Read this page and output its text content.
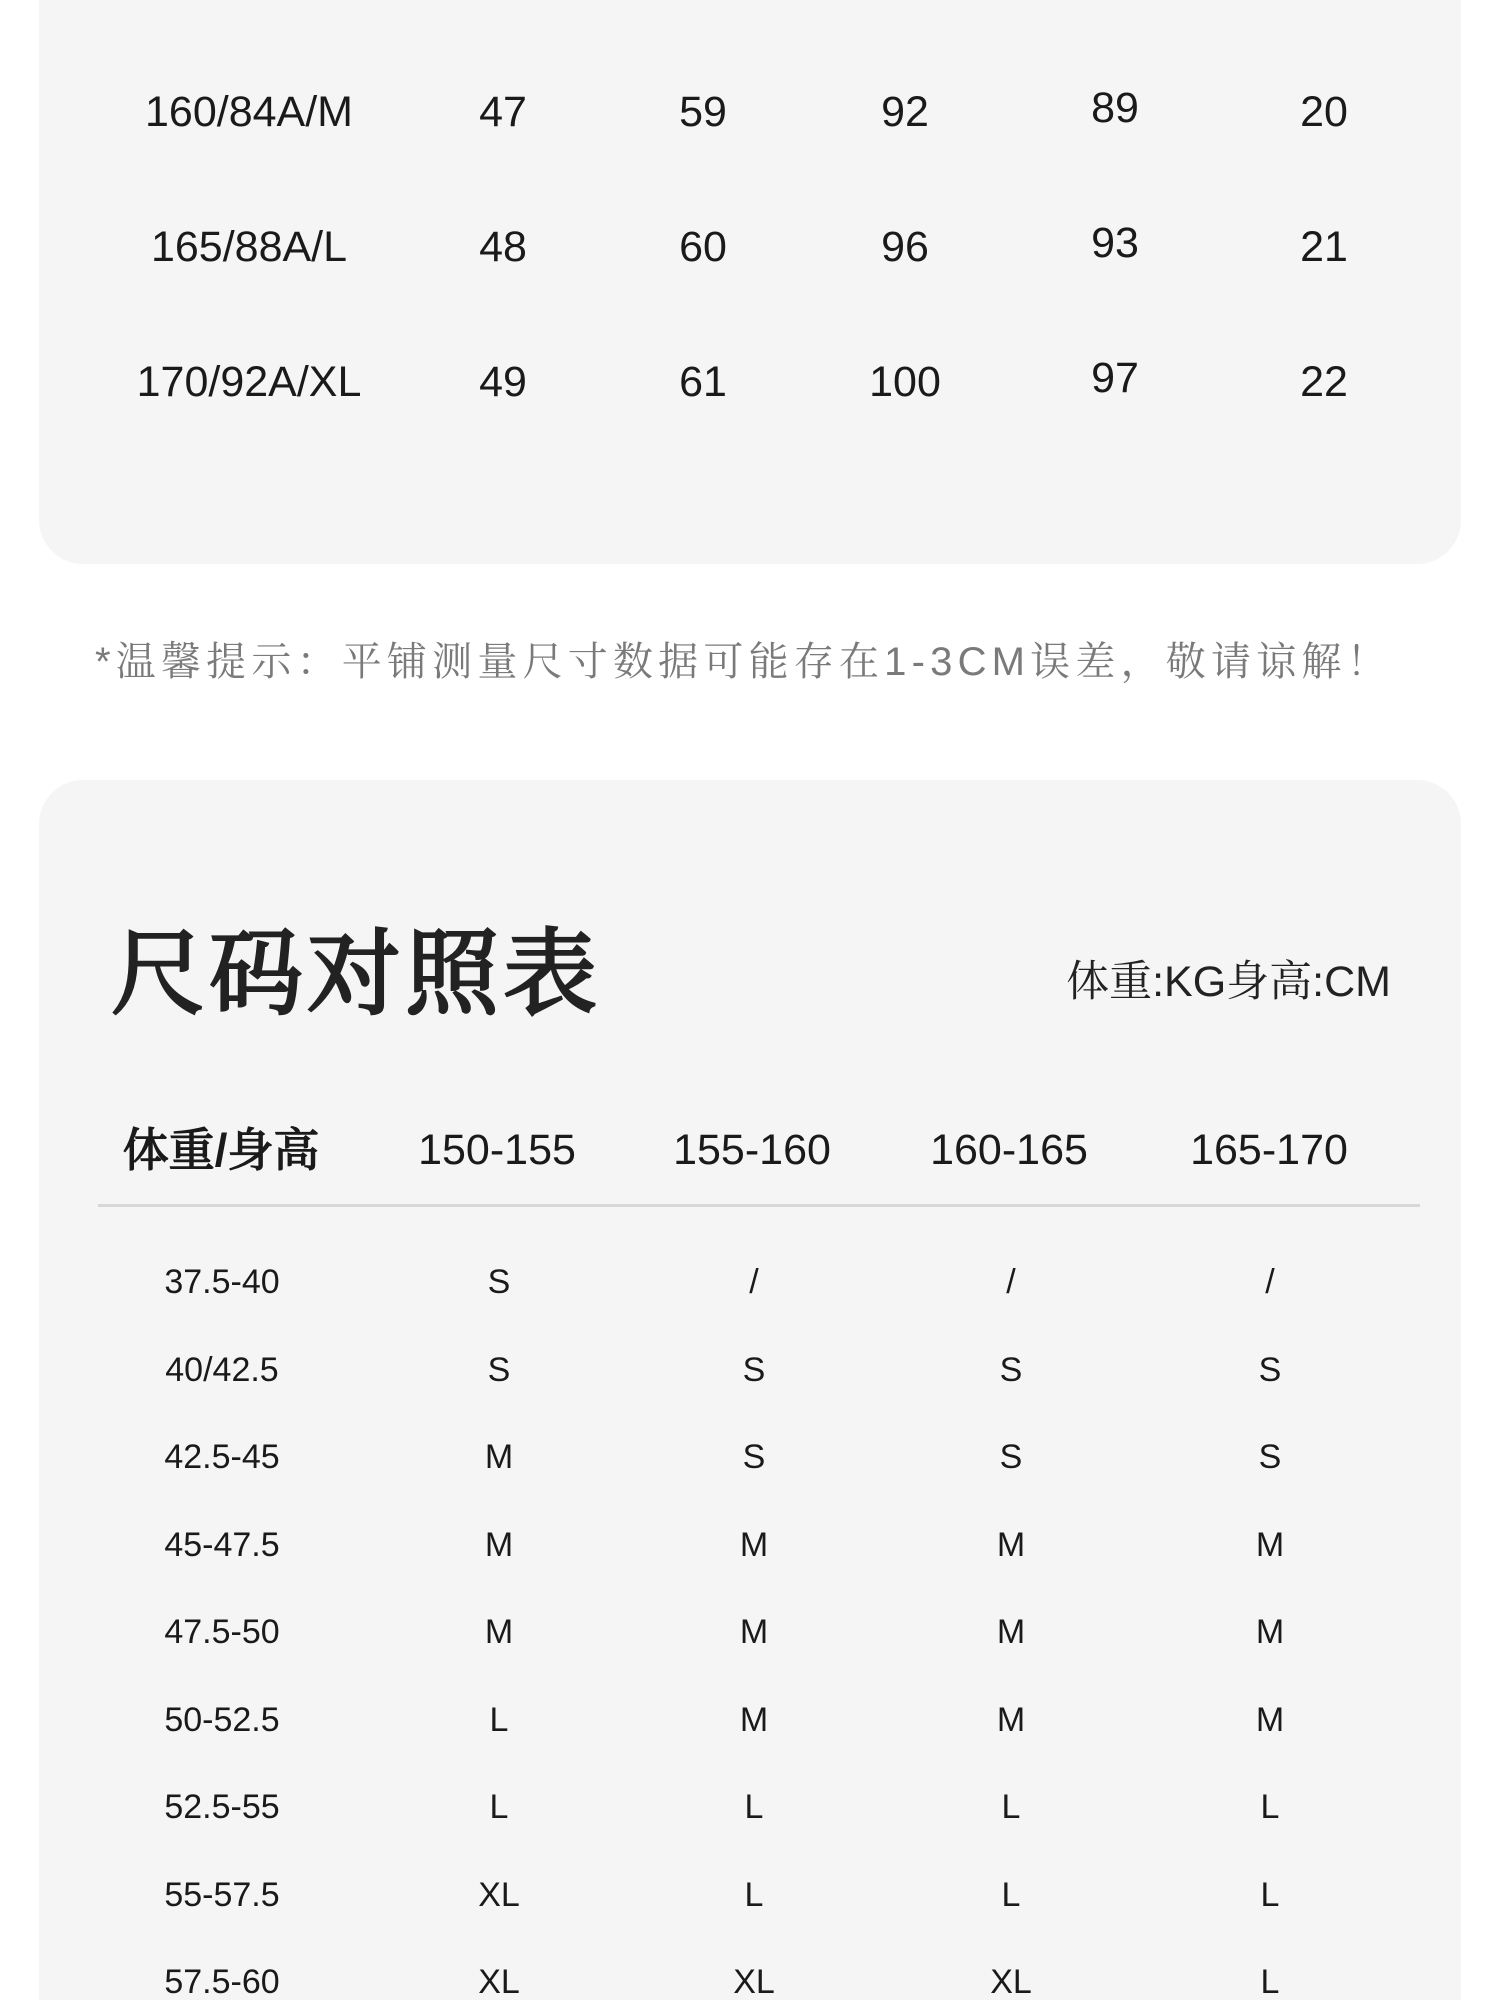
160/84A/M	47	59	92	89	20
165/88A/L	48	60	96	93	21
170/92A/XL	49	61	100	97	22
*温馨提示：平铺测量尺寸数据可能存在1-3CM误差，敬请谅解！
尺码对照表	体重:KG身高:CM
体重/身高 150-155 155-160 160-165 165-170
37.5-40	S	/	/	/
40/42.5	S	S	S	S
42.5-45	M	S	S	S
45-47.5	M	M	M	M
47.5-50	M	M	M	M
50-52.5	L	M	M	M
52.5-55	L	L	L	L
55-57.5	XL	L	L	L
57.5-60	XL	XL	XL	L
